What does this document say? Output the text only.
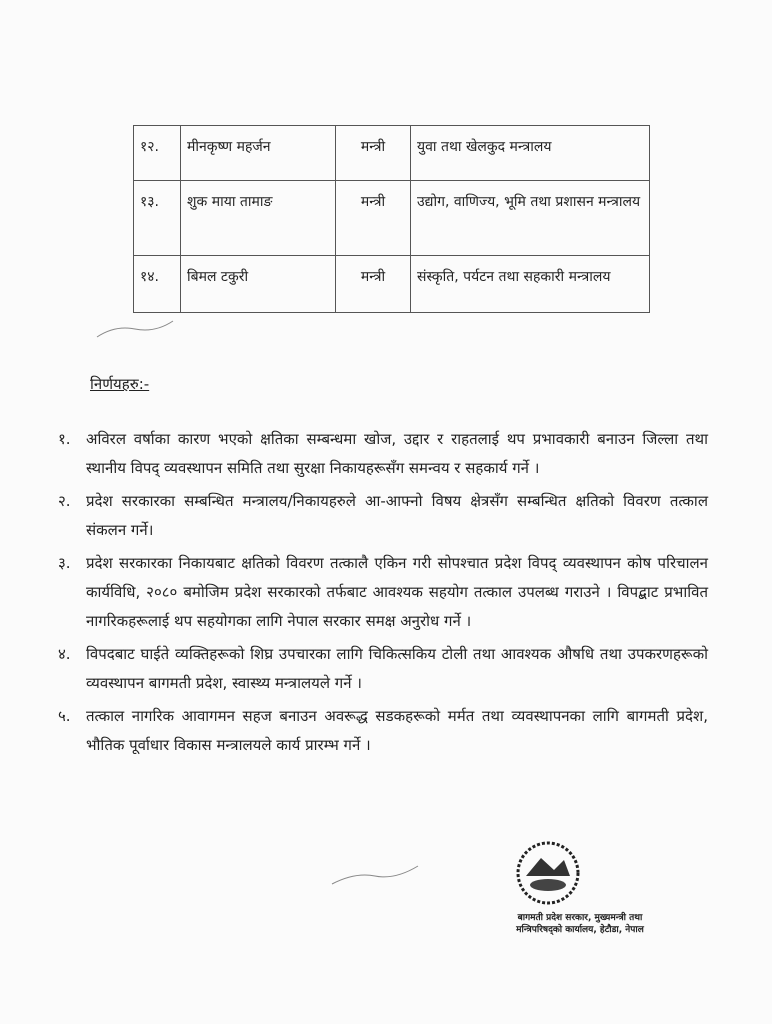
१२.	मीनकृष्ण महर्जन	मन्त्री	युवा तथा खेलकुद मन्त्रालय
१३.	शुक माया तामाङ	मन्त्री	उद्योग, वाणिज्य, भूमि तथा प्रशासन मन्त्रालय
१४.	बिमल टकुरी	मन्त्री	संस्कृति, पर्यटन तथा सहकारी मन्त्रालय
निर्णयहरु:-
१.	अविरल वर्षाका कारण भएको क्षतिका सम्बन्धमा खोज, उद्दार र राहतलाई थप प्रभावकारी बनाउन जिल्ला तथा स्थानीय विपद् व्यवस्थापन समिति तथा सुरक्षा निकायहरूसँग समन्वय र सहकार्य गर्ने ।
२.	प्रदेश सरकारका सम्बन्धित मन्त्रालय/निकायहरुले आ-आफ्नो विषय क्षेत्रसँग सम्बन्धित क्षतिको विवरण तत्काल संकलन गर्ने।
३.	प्रदेश सरकारका निकायबाट क्षतिको विवरण तत्कालै एकिन गरी सोपश्चात प्रदेश विपद् व्यवस्थापन कोष परिचालन कार्यविधि, २०८० बमोजिम प्रदेश सरकारको तर्फबाट आवश्यक सहयोग तत्काल उपलब्ध गराउने । विपद्बाट प्रभावित नागरिकहरूलाई थप सहयोगका लागि नेपाल सरकार समक्ष अनुरोध गर्ने ।
४.	विपदबाट घाईते व्यक्तिहरूको शिघ्र उपचारका लागि चिकित्सकिय टोली तथा आवश्यक औषधि तथा उपकरणहरूको व्यवस्थापन बागमती प्रदेश, स्वास्थ्य मन्त्रालयले गर्ने ।
५.	तत्काल नागरिक आवागमन सहज बनाउन अवरूद्ध सडकहरूको मर्मत तथा व्यवस्थापनका लागि बागमती प्रदेश, भौतिक पूर्वाधार विकास मन्त्रालयले कार्य प्रारम्भ गर्ने ।
बागमती प्रदेश सरकार, मुख्यमन्त्री तथा मन्त्रिपरिषद्को कार्यालय, हेटौडा, नेपाल
